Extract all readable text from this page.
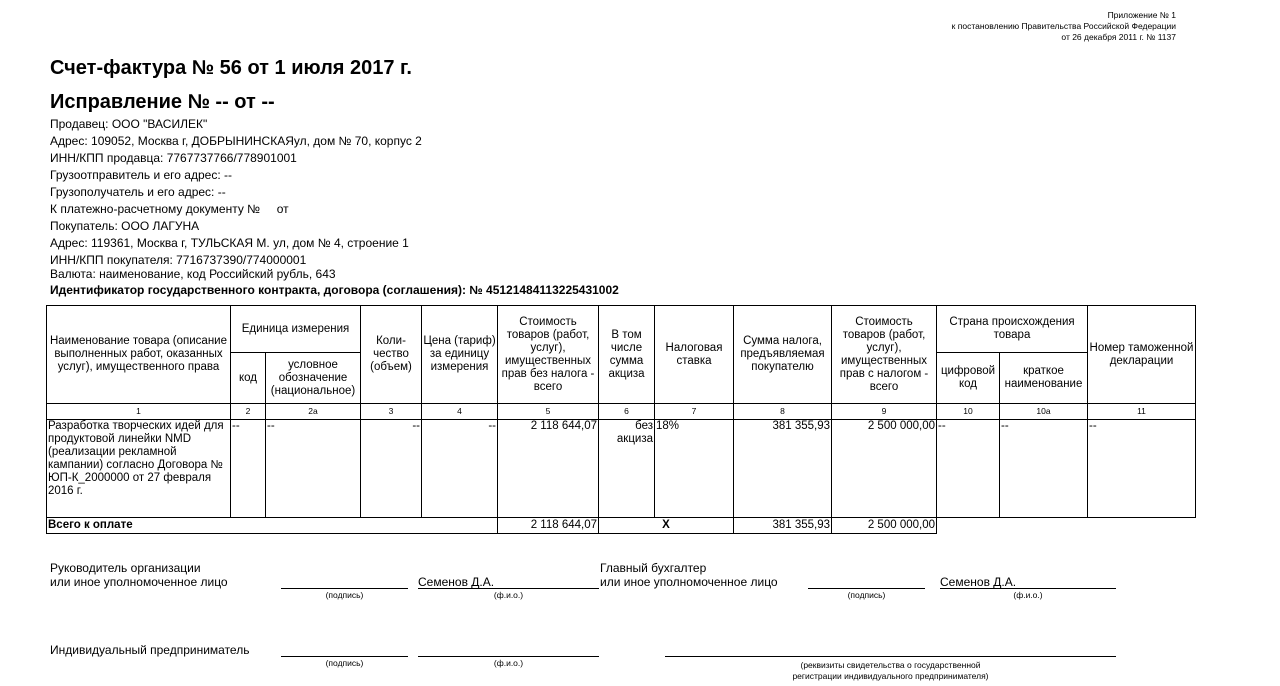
Приложение № 1
к постановлению Правительства Российской Федерации
от 26 декабря 2011 г. № 1137
Счет-фактура № 56 от 1 июля 2017 г.
Исправление № -- от --
Продавец: ООО "ВАСИЛЕК"
Адрес: 109052, Москва г, ДОБРЫНИНСКАЯул, дом № 70, корпус 2
ИНН/КПП продавца: 7767737766/778901001
Грузоотправитель и его адрес: --
Грузополучатель и его адрес: --
К платежно-расчетному документу №     от
Покупатель: ООО ЛАГУНА
Адрес: 119361, Москва г, ТУЛЬСКАЯ М. ул, дом № 4, строение 1
ИНН/КПП покупателя: 7716737390/774000001
Валюта: наименование, код Российский рубль, 643
Идентификатор государственного контракта, договора (соглашения): № 45121484113225431002
Наименование товара (описание выполненных работ, оказанных услуг), имущественного права	Единица измерения		Коли-чество (объем)	Цена (тариф) за единицу измерения	Стоимость товаров (работ, услуг), имущественных прав без налога - всего	В том числе сумма акциза	Налоговая ставка	Сумма налога, предъявляемая покупателю	Стоимость товаров (работ, услуг), имущественных прав с налогом - всего	Страна происхождения товара		Номер таможенной декларации
	код	условное обозначение (национальное)								цифровой код	краткое наименование	
1	2	2а	3	4	5	6	7	8	9	10	10а	11
Разработка творческих идей для продуктовой линейки NMD (реализации рекламной кампании) согласно Договора № ЮП-К_2000000 от 27 февраля 2016 г.	--	--	--	--	2 118 644,07	без акциза	18%	381 355,93	2 500 000,00	--	--	--
Всего к оплате					2 118 644,07	X		381 355,93	2 500 000,00			
Руководитель организации
или иное уполномоченное лицо
(подпись)
Семенов Д.А.
(ф.и.о.)
Главный бухгалтер
или иное уполномоченное лицо
(подпись)
Семенов Д.А.
(ф.и.о.)
Индивидуальный предприниматель
(подпись)	(ф.и.о.)	(реквизиты свидетельства о государственной
регистрации индивидуального предпринимателя)
